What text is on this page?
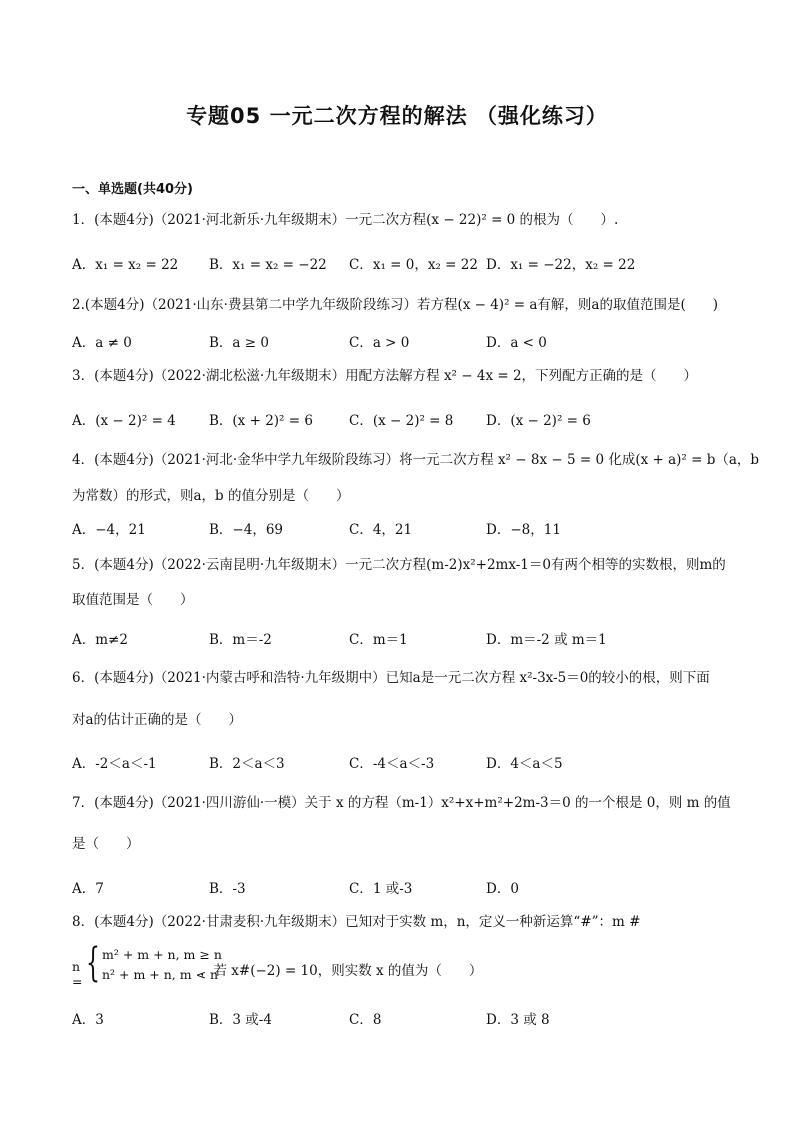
专题05 一元二次方程的解法 （强化练习）
一、单选题(共40分)
1．(本题4分)（2021·河北新乐·九年级期末）一元二次方程(x − 22)² = 0 的根为（　　）.
A．x₁ = x₂ = 22 B．x₁ = x₂ = −22 C．x₁ = 0，x₂ = 22 D．x₁ = −22，x₂ = 22
2.(本题4分)（2021·山东·费县第二中学九年级阶段练习）若方程(x − 4)² = a有解，则a的取值范围是(　　)
A．a ≠ 0	B．a ≥ 0	C．a > 0	D．a < 0
3．(本题4分)（2022·湖北松滋·九年级期末）用配方法解方程 x² − 4x = 2，下列配方正确的是（　　）
A．(x − 2)² = 4 B．(x + 2)² = 6	C．(x − 2)² = 8 D．(x − 2)² = 6
4．(本题4分)（2021·河北·金华中学九年级阶段练习）将一元二次方程 x² − 8x − 5 = 0 化成(x + a)² = b（a，b
为常数）的形式，则a，b 的值分别是（　　）
A．−4，21	B．−4，69	C．4，21	D．−8，11
5．(本题4分)（2022·云南昆明·九年级期末）一元二次方程(m-2)x²+2mx-1＝0有两个相等的实数根，则m的
取值范围是（　　）
A．m≠2	B．m＝-2	C．m＝1	D．m＝-2 或 m＝1
6．(本题4分)（2021·内蒙古呼和浩特·九年级期中）已知a是一元二次方程 x²-3x-5＝0的较小的根，则下面
对a的估计正确的是（　　）
A．-2＜a＜-1	B．2＜a＜3	C．-4＜a＜-3	D．4＜a＜5
7．(本题4分)（2021·四川游仙·一模）关于 x 的方程（m-1）x²+x+m²+2m-3＝0 的一个根是 0，则 m 的值
是（　　）
A．7	B．-3	C．1 或-3	D．0
8．(本题4分)（2022·甘肃麦积·九年级期末）已知对于实数 m，n，定义一种新运算“#”：m #
n = { m² + m + n, m ≥ n
n² + m + n, m < n
，若 x#(−2) = 10，则实数 x 的值为（　　）
A．3	B．3 或-4	C．8	D．3 或 8
